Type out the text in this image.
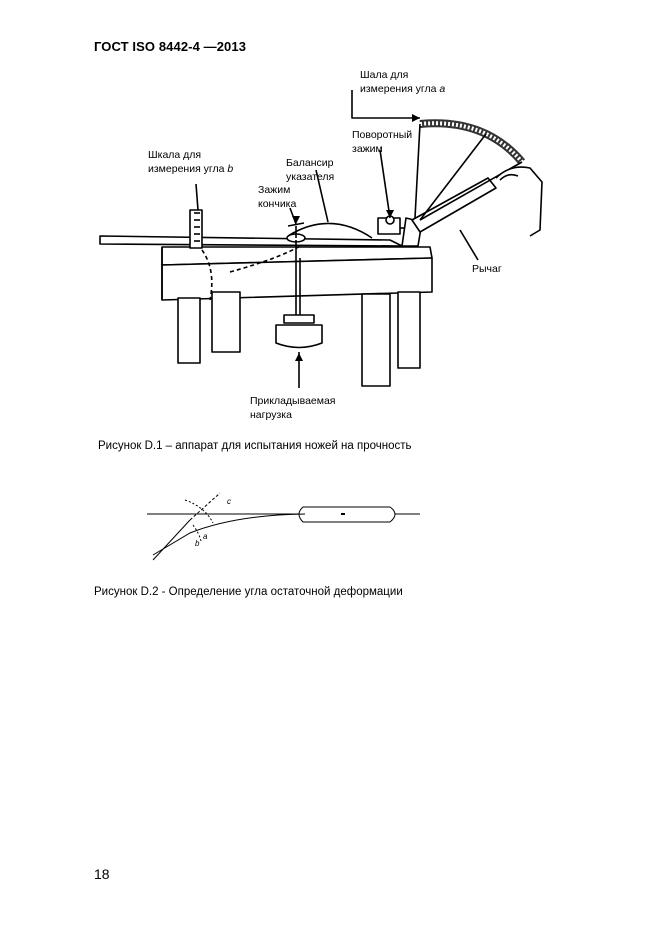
ГОСТ ISO 8442-4 —2013
Шала для
измерения угла a
Поворотный
зажим
Шкала для
измерения угла b	Балансир
указателя
Зажим
кончика
Рычаг
Прикладываемая
нагрузка
Рисунок D.1 – аппарат для испытания ножей на прочность
c
a
b
Рисунок D.2 - Определение угла остаточной деформации
18
